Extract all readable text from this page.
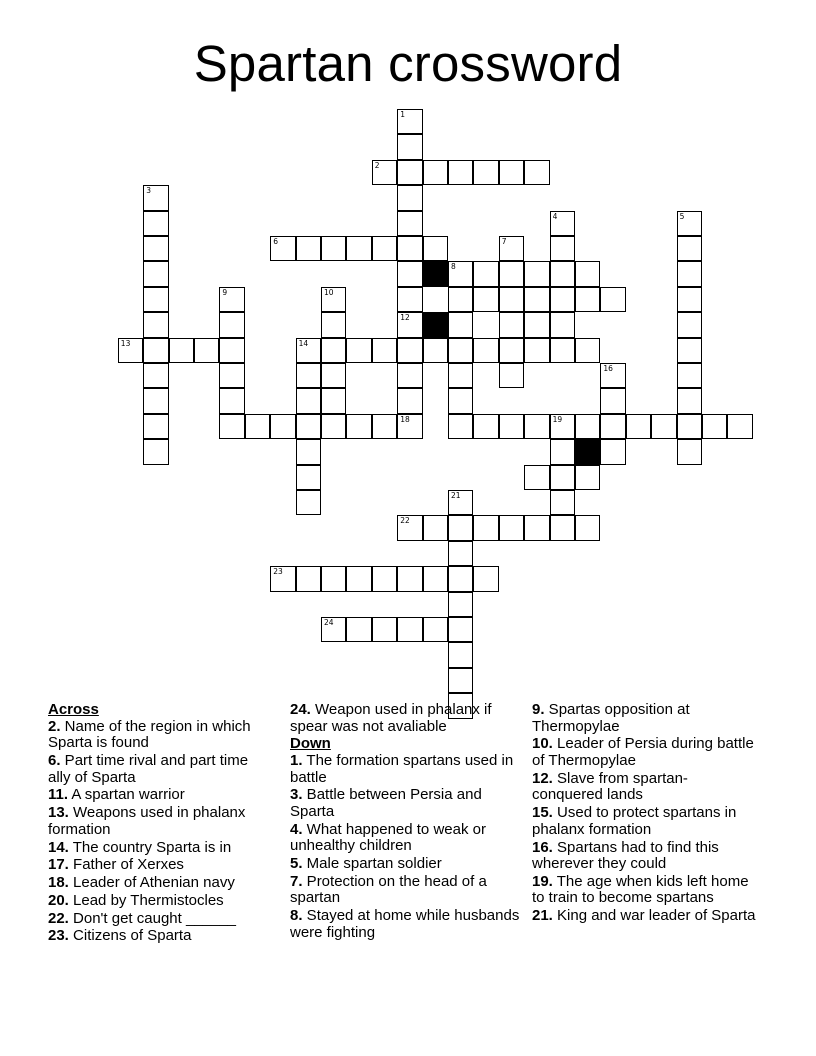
Spartan crossword
1
12
18
2
3
4	5
6	7
8
9	10
13	14
16
19
21
22
23
24
Across
2. Name of the region in which Sparta is found
6. Part time rival and part time ally of Sparta
11. A spartan warrior
13. Weapons used in phalanx formation
14. The country Sparta is in
17. Father of Xerxes
18. Leader of Athenian navy
20. Lead by Thermistocles
22. Don't get caught ______
23. Citizens of Sparta
24. Weapon used in phalanx if spear was not avaliable
Down
1. The formation spartans used in battle
3. Battle between Persia and Sparta
4. What happened to weak or unhealthy children
5. Male spartan soldier
7. Protection on the head of a spartan
8. Stayed at home while husbands were fighting
9. Spartas opposition at Thermopylae
10. Leader of Persia during battle of Thermopylae
12. Slave from spartan-conquered lands
15. Used to protect spartans in phalanx formation
16. Spartans had to find this wherever they could
19. The age when kids left home to train to become spartans
21. King and war leader of Sparta
